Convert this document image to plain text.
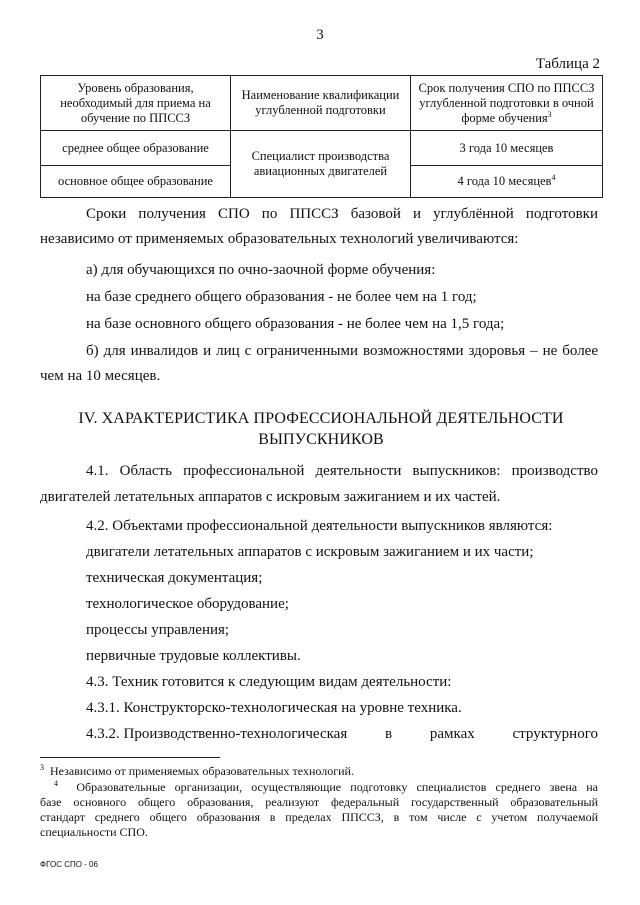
3
Таблица 2
Уровень образования, необходимый для приема на обучение по ППССЗ	Наименование квалификации углубленной подготовки	Срок получения СПО по ППССЗ углубленной подготовки в очной форме обучения$^3$
среднее общее образование	Специалист производства авиационных двигателей	3 года 10 месяцев
основное общее образование		4 года 10 месяцев$^4$
Сроки получения СПО по ППССЗ базовой и углублённой подготовки
независимо от применяемых образовательных технологий увеличиваются:
а) для обучающихся по очно-заочной форме обучения:
на базе среднего общего образования - не более чем на 1 год;
на базе основного общего образования - не более чем на 1,5 года;
б) для инвалидов и лиц с ограниченными возможностями здоровья – не более
чем на 10 месяцев.
IV. ХАРАКТЕРИСТИКА ПРОФЕССИОНАЛЬНОЙ ДЕЯТЕЛЬНОСТИ
ВЫПУСКНИКОВ
4.1. Область профессиональной деятельности выпускников: производство
двигателей летательных аппаратов с искровым зажиганием и их частей.
4.2. Объектами профессиональной деятельности выпускников являются:
двигатели летательных аппаратов с искровым зажиганием и их части;
техническая документация;
технологическое оборудование;
процессы управления;
первичные трудовые коллективы.
4.3. Техник готовится к следующим видам деятельности:
4.3.1. Конструкторско-технологическая на уровне техника.
4.3.2. Производственно-технологическая	в	рамках	структурного
$^3$ Независимо от применяемых образовательных технологий.
$^4$ Образовательные организации, осуществляющие подготовку специалистов среднего звена на
базе основного общего образования, реализуют федеральный государственный образовательный
стандарт среднего общего образования в пределах ППССЗ, в том числе с учетом получаемой
специальности СПО.
ФГОС СПО - 06
